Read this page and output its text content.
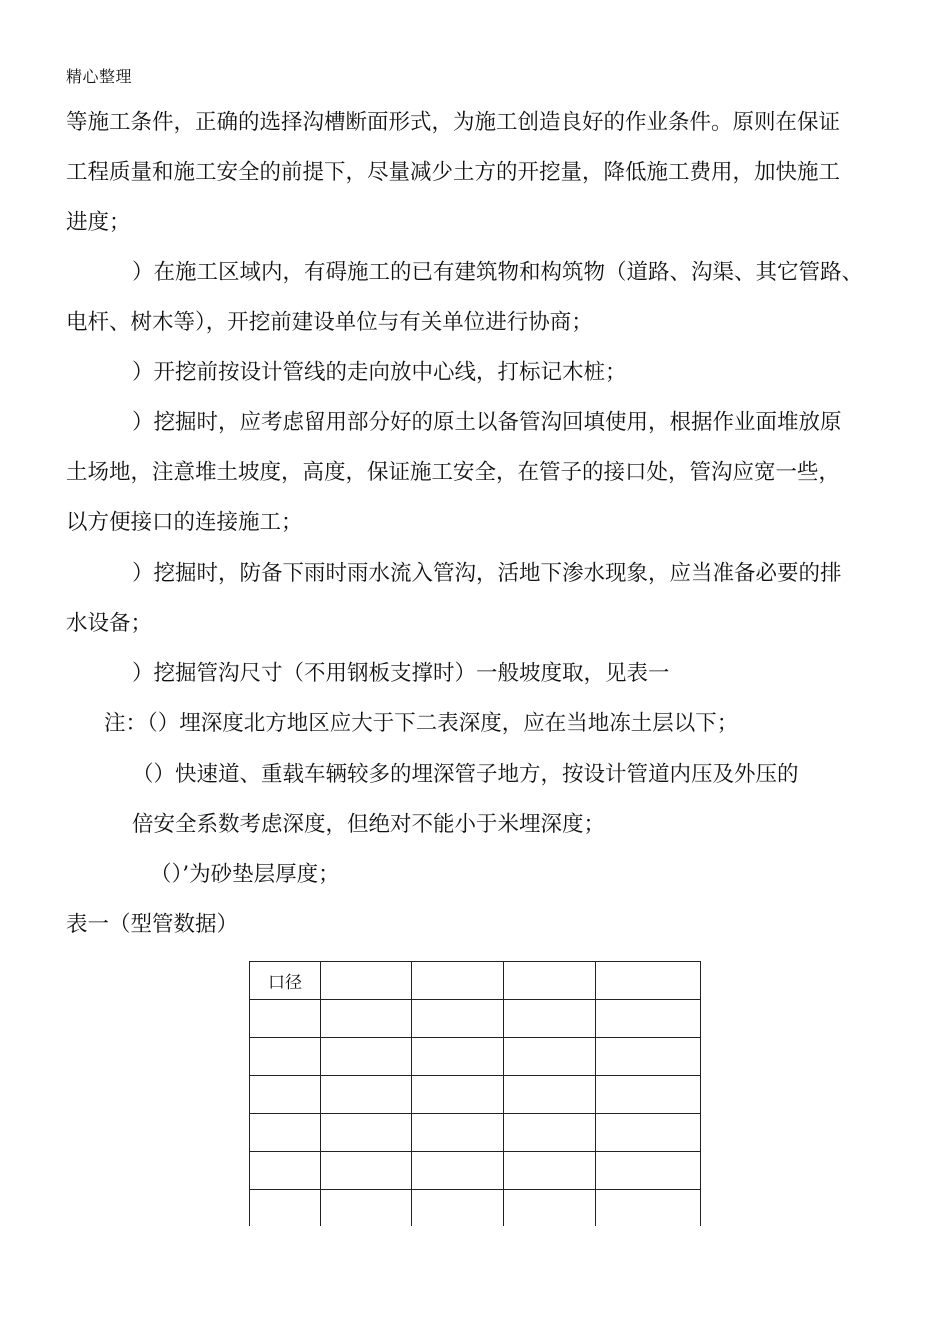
精心整理
等施工条件，正确的选择沟槽断面形式，为施工创造良好的作业条件。原则在保证
工程质量和施工安全的前提下，尽量减少土方的开挖量，降低施工费用，加快施工
进度；
）在施工区域内，有碍施工的已有建筑物和构筑物（道路、沟渠、其它管路、
电杆、树木等），开挖前建设单位与有关单位进行协商；
）开挖前按设计管线的走向放中心线，打标记木桩；
）挖掘时，应考虑留用部分好的原土以备管沟回填使用，根据作业面堆放原
土场地，注意堆土坡度，高度，保证施工安全，在管子的接口处，管沟应宽一些，
以方便接口的连接施工；
）挖掘时，防备下雨时雨水流入管沟，活地下渗水现象，应当准备必要的排
水设备；
）挖掘管沟尺寸（不用钢板支撑时）一般坡度取，见表一
注：（）埋深度北方地区应大于下二表深度，应在当地冻土层以下；
（）快速道、重载车辆较多的埋深管子地方，按设计管道内压及外压的
倍安全系数考虑深度，但绝对不能小于米埋深度；
（）’为砂垫层厚度；
表一（型管数据）
口径				
